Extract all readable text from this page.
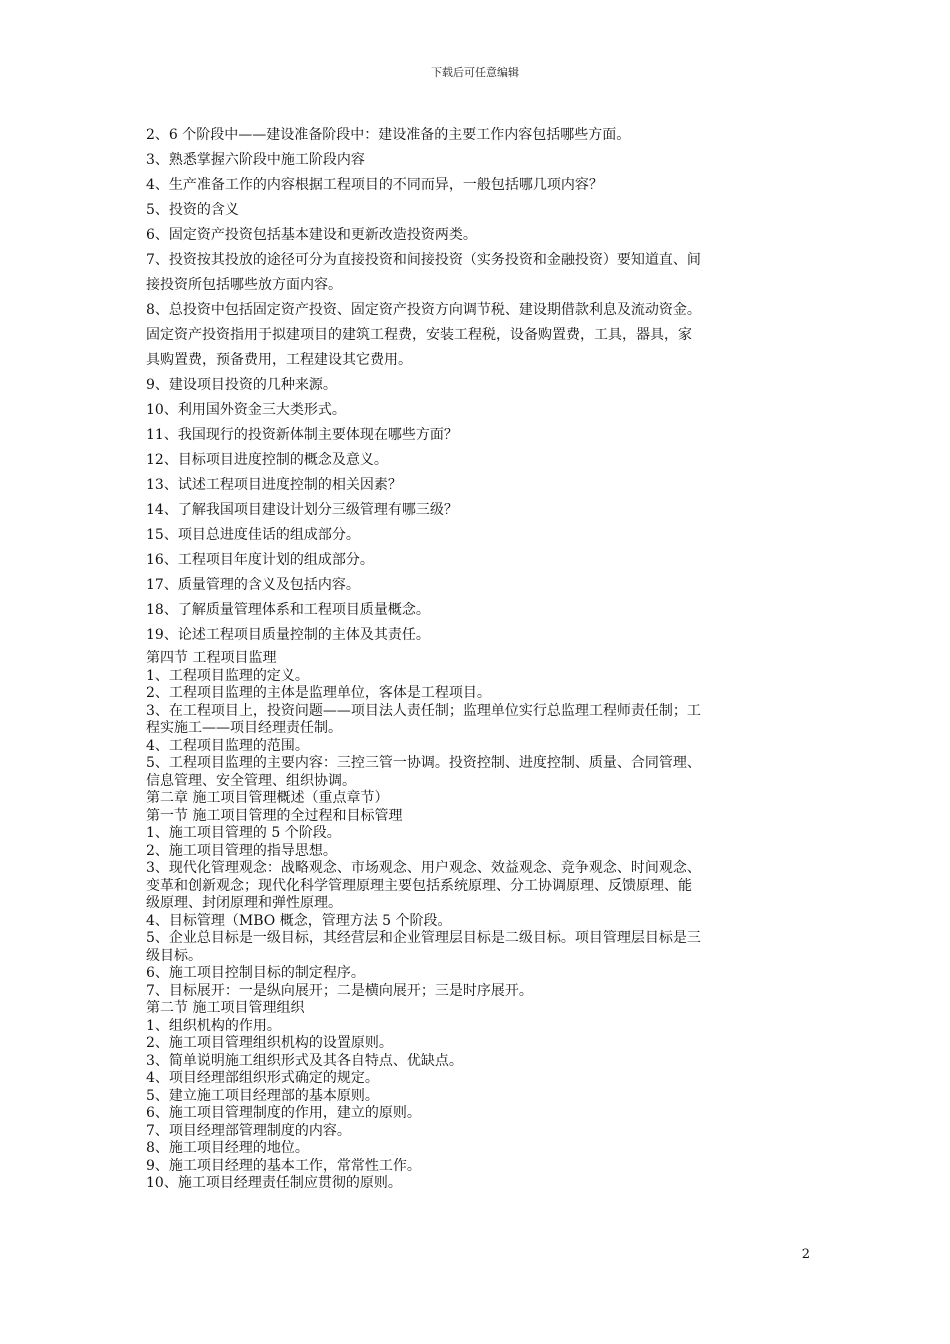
下载后可任意编辑
2、6 个阶段中——建设准备阶段中：建设准备的主要工作内容包括哪些方面。
3、熟悉掌握六阶段中施工阶段内容
4、生产准备工作的内容根据工程项目的不同而异，一般包括哪几项内容？
5、投资的含义
6、固定资产投资包括基本建设和更新改造投资两类。
7、投资按其投放的途径可分为直接投资和间接投资（实务投资和金融投资）要知道直、间
接投资所包括哪些放方面内容。
8、总投资中包括固定资产投资、固定资产投资方向调节税、建设期借款利息及流动资金。
固定资产投资指用于拟建项目的建筑工程费，安装工程税，设备购置费，工具，器具，家
具购置费，预备费用，工程建设其它费用。
9、建设项目投资的几种来源。
10、利用国外资金三大类形式。
11、我国现行的投资新体制主要体现在哪些方面？
12、目标项目进度控制的概念及意义。
13、试述工程项目进度控制的相关因素？
14、了解我国项目建设计划分三级管理有哪三级？
15、项目总进度佳话的组成部分。
16、工程项目年度计划的组成部分。
17、质量管理的含义及包括内容。
18、了解质量管理体系和工程项目质量概念。
19、论述工程项目质量控制的主体及其责任。
第四节 工程项目监理
1、工程项目监理的定义。
2、工程项目监理的主体是监理单位，客体是工程项目。
3、在工程项目上，投资问题——项目法人责任制；监理单位实行总监理工程师责任制；工
程实施工——项目经理责任制。
4、工程项目监理的范围。
5、工程项目监理的主要内容：三控三管一协调。投资控制、进度控制、质量、合同管理、
信息管理、安全管理、组织协调。
第二章 施工项目管理概述（重点章节）
第一节 施工项目管理的全过程和目标管理
1、施工项目管理的 5 个阶段。
2、施工项目管理的指导思想。
3、现代化管理观念：战略观念、市场观念、用户观念、效益观念、竞争观念、时间观念、
变革和创新观念；现代化科学管理原理主要包括系统原理、分工协调原理、反馈原理、能
级原理、封闭原理和弹性原理。
4、目标管理（MBO 概念，管理方法 5 个阶段。
5、企业总目标是一级目标，其经营层和企业管理层目标是二级目标。项目管理层目标是三
级目标。
6、施工项目控制目标的制定程序。
7、目标展开：一是纵向展开；二是横向展开；三是时序展开。
第二节 施工项目管理组织
1、组织机构的作用。
2、施工项目管理组织机构的设置原则。
3、简单说明施工组织形式及其各自特点、优缺点。
4、项目经理部组织形式确定的规定。
5、建立施工项目经理部的基本原则。
6、施工项目管理制度的作用，建立的原则。
7、项目经理部管理制度的内容。
8、施工项目经理的地位。
9、施工项目经理的基本工作，常常性工作。
10、施工项目经理责任制应贯彻的原则。
2
